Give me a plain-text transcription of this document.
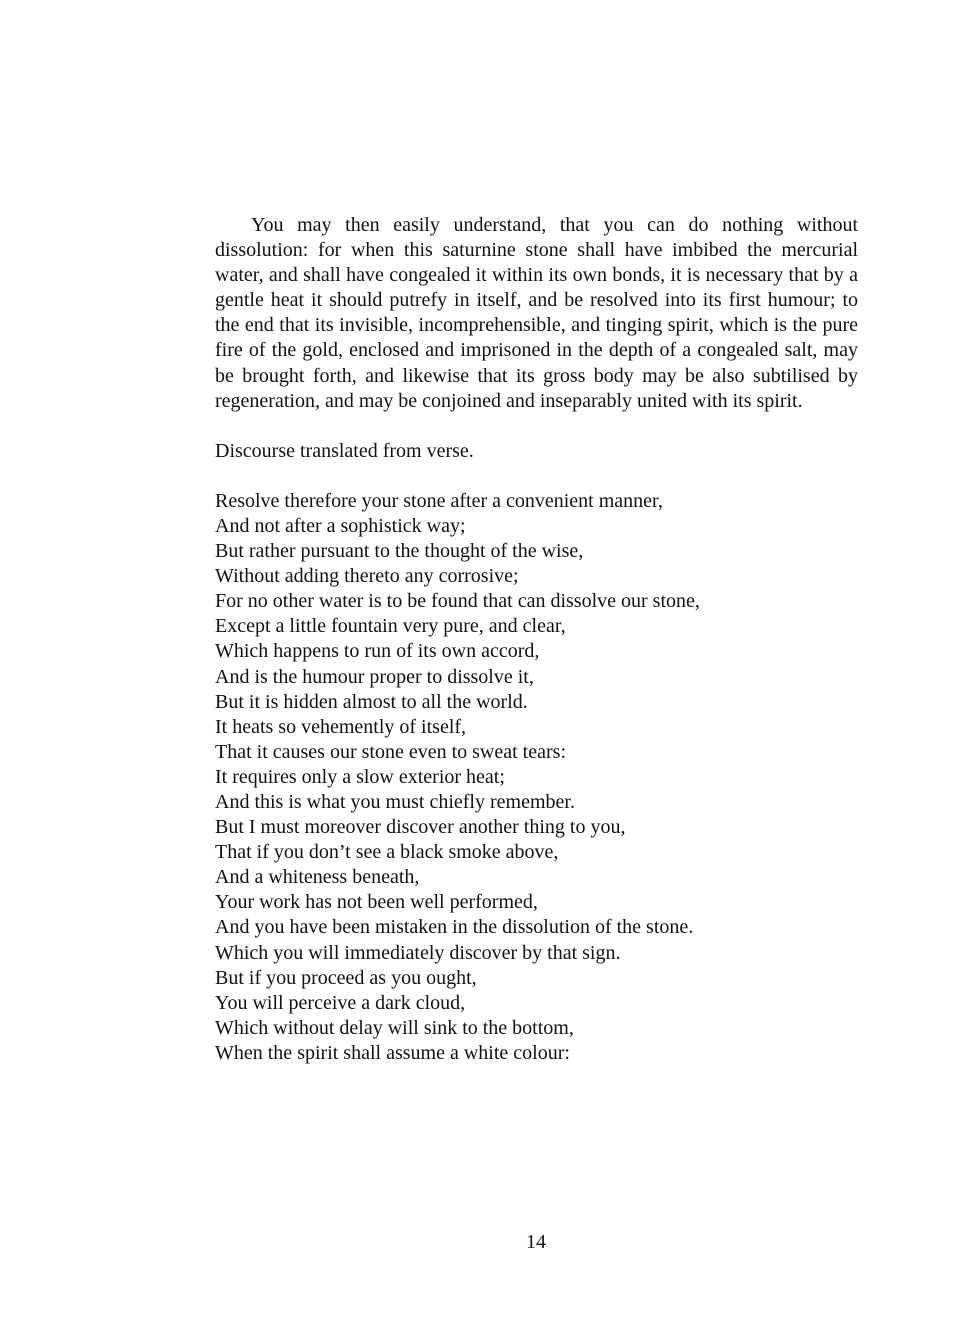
You may then easily understand, that you can do nothing without dissolution: for when this saturnine stone shall have imbibed the mercurial water, and shall have congealed it within its own bonds, it is necessary that by a gentle heat it should putrefy in itself, and be resolved into its first humour; to the end that its invisible, incomprehensible, and tinging spirit, which is the pure fire of the gold, enclosed and imprisoned in the depth of a congealed salt, may be brought forth, and likewise that its gross body may be also subtilised by regeneration, and may be conjoined and inseparably united with its spirit.

Discourse translated from verse.

Resolve therefore your stone after a convenient manner,
And not after a sophistick way;
But rather pursuant to the thought of the wise,
Without adding thereto any corrosive;
For no other water is to be found that can dissolve our stone,
Except a little fountain very pure, and clear,
Which happens to run of its own accord,
And is the humour proper to dissolve it,
But it is hidden almost to all the world.
It heats so vehemently of itself,
That it causes our stone even to sweat tears:
It requires only a slow exterior heat;
And this is what you must chiefly remember.
But I must moreover discover another thing to you,
That if you don’t see a black smoke above,
And a whiteness beneath,
Your work has not been well performed,
And you have been mistaken in the dissolution of the stone.
Which you will immediately discover by that sign.
But if you proceed as you ought,
You will perceive a dark cloud,
Which without delay will sink to the bottom,
When the spirit shall assume a white colour:
14
